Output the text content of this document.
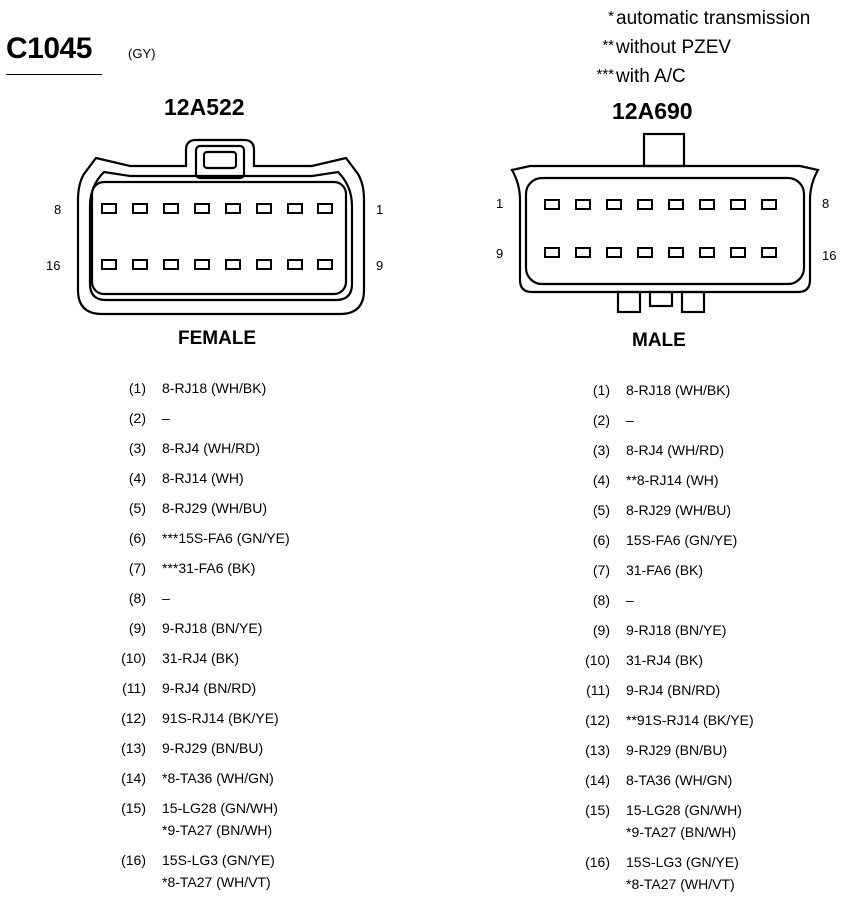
C1045	(GY)
* automatic transmission
** without PZEV
*** with A/C
12A522
8
16
1
9
FEMALE
12A690
1
9
8
16
MALE
(1) 8-RJ18 (WH/BK)
(2) –
(3) 8-RJ4 (WH/RD)
(4) 8-RJ14 (WH)
(5) 8-RJ29 (WH/BU)
(6) ***15S-FA6 (GN/YE)
(7) ***31-FA6 (BK)
(8) –
(9) 9-RJ18 (BN/YE)
(10) 31-RJ4 (BK)
(11) 9-RJ4 (BN/RD)
(12) 91S-RJ14 (BK/YE)
(13) 9-RJ29 (BN/BU)
(14) *8-TA36 (WH/GN)
(15) 15-LG28 (GN/WH)
*9-TA27 (BN/WH)
(16) 15S-LG3 (GN/YE)
*8-TA27 (WH/VT)
(1) 8-RJ18 (WH/BK)
(2) –
(3) 8-RJ4 (WH/RD)
(4) **8-RJ14 (WH)
(5) 8-RJ29 (WH/BU)
(6) 15S-FA6 (GN/YE)
(7) 31-FA6 (BK)
(8) –
(9) 9-RJ18 (BN/YE)
(10) 31-RJ4 (BK)
(11) 9-RJ4 (BN/RD)
(12) **91S-RJ14 (BK/YE)
(13) 9-RJ29 (BN/BU)
(14) 8-TA36 (WH/GN)
(15) 15-LG28 (GN/WH)
*9-TA27 (BN/WH)
(16) 15S-LG3 (GN/YE)
*8-TA27 (WH/VT)
